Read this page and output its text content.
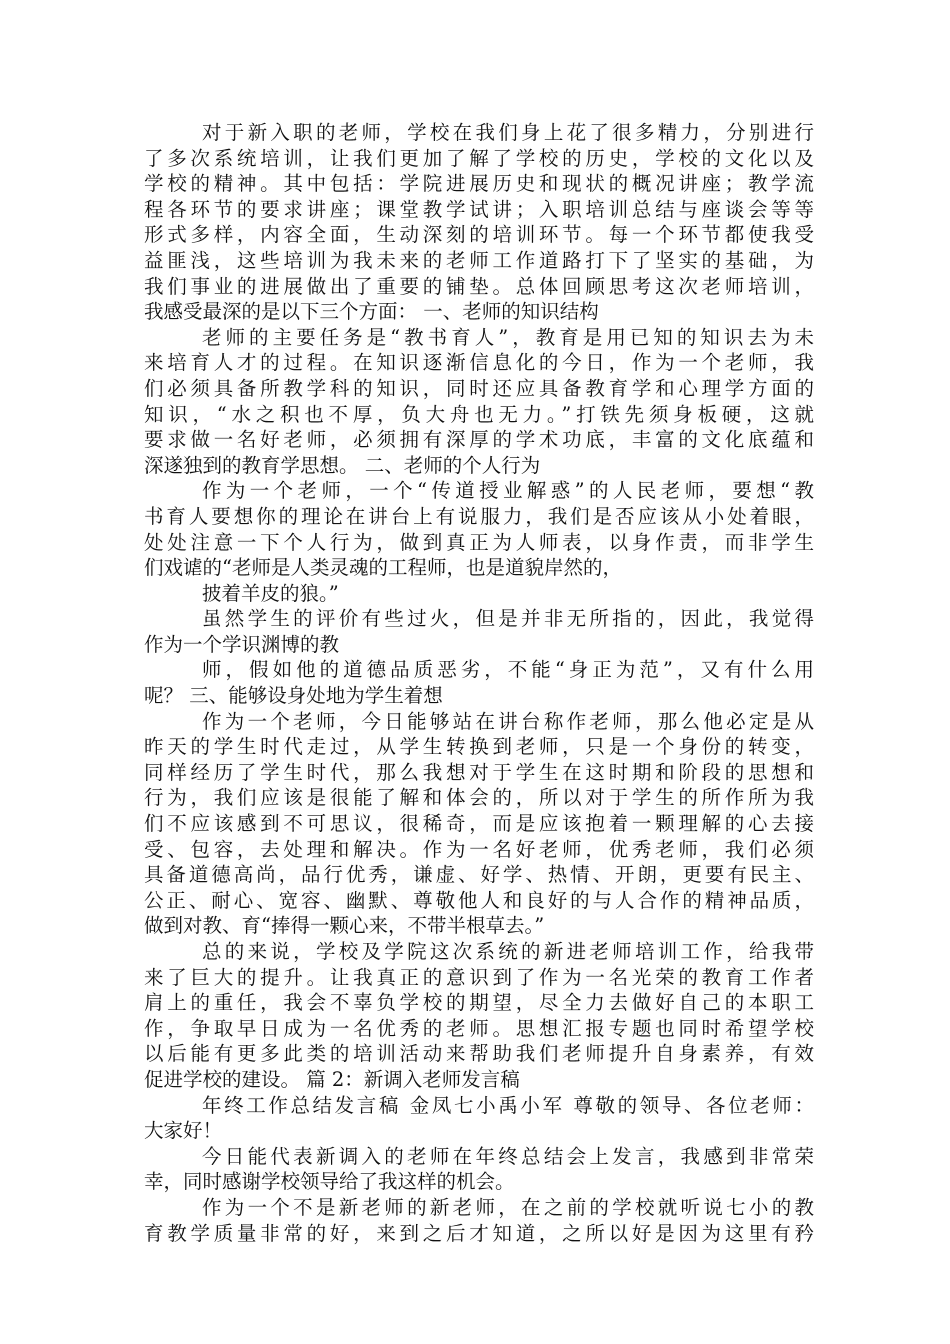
对于新入职的老师，学校在我们身上花了很多精力，分别进行
了多次系统培训，让我们更加了解了学校的历史，学校的文化以及
学校的精神。其中包括：学院进展历史和现状的概况讲座；教学流
程各环节的要求讲座；课堂教学试讲；入职培训总结与座谈会等等
形式多样，内容全面，生动深刻的培训环节。每一个环节都使我受
益匪浅，这些培训为我未来的老师工作道路打下了坚实的基础，为
我们事业的进展做出了重要的铺垫。总体回顾思考这次老师培训，
我感受最深的是以下三个方面： 一、老师的知识结构
老师的主要任务是“教书育人”，教育是用已知的知识去为未
来培育人才的过程。在知识逐渐信息化的今日，作为一个老师，我
们必须具备所教学科的知识，同时还应具备教育学和心理学方面的
知识，“水之积也不厚，负大舟也无力。”打铁先须身板硬，这就
要求做一名好老师，必须拥有深厚的学术功底，丰富的文化底蕴和
深遂独到的教育学思想。 二、老师的个人行为
作为一个老师，一个“传道授业解惑”的人民老师，要想“教
书育人要想你的理论在讲台上有说服力，我们是否应该从小处着眼，
处处注意一下个人行为，做到真正为人师表，以身作责，而非学生
们戏谑的“老师是人类灵魂的工程师，也是道貌岸然的，
披着羊皮的狼。”
虽然学生的评价有些过火，但是并非无所指的，因此，我觉得
作为一个学识渊博的教
师，假如他的道德品质恶劣，不能“身正为范”，又有什么用
呢？ 三、能够设身处地为学生着想
作为一个老师，今日能够站在讲台称作老师，那么他必定是从
昨天的学生时代走过，从学生转换到老师，只是一个身份的转变，
同样经历了学生时代，那么我想对于学生在这时期和阶段的思想和
行为，我们应该是很能了解和体会的，所以对于学生的所作所为我
们不应该感到不可思议，很稀奇，而是应该抱着一颗理解的心去接
受、包容，去处理和解决。作为一名好老师，优秀老师，我们必须
具备道德高尚，品行优秀，谦虚、好学、热情、开朗，更要有民主、
公正、耐心、宽容、幽默、尊敬他人和良好的与人合作的精神品质，
做到对教、育“捧得一颗心来，不带半根草去。”
总的来说，学校及学院这次系统的新进老师培训工作，给我带
来了巨大的提升。让我真正的意识到了作为一名光荣的教育工作者
肩上的重任，我会不辜负学校的期望，尽全力去做好自己的本职工
作，争取早日成为一名优秀的老师。思想汇报专题也同时希望学校
以后能有更多此类的培训活动来帮助我们老师提升自身素养，有效
促进学校的建设。 篇 2：新调入老师发言稿
年终工作总结发言稿 金凤七小禹小军 尊敬的领导、各位老师：
大家好！
今日能代表新调入的老师在年终总结会上发言，我感到非常荣
幸，同时感谢学校领导给了我这样的机会。
作为一个不是新老师的新老师，在之前的学校就听说七小的教
育教学质量非常的好，来到之后才知道，之所以好是因为这里有矜
